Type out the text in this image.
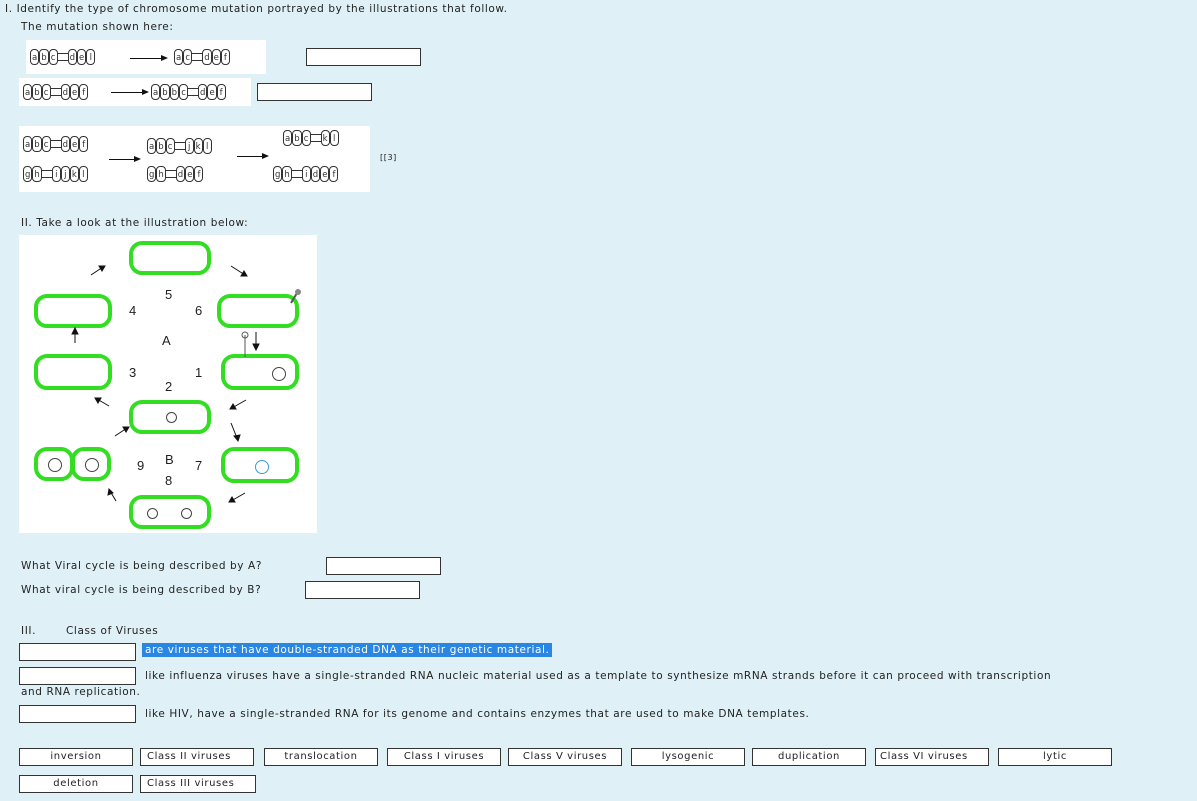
I. Identify the type of chromosome mutation portrayed by the illustrations that follow.
The mutation shown here:
a b c d e l	a c d e f
a b c d e f	a b b c d e f
a b c d e f
g h	i j k l
a b c	j k l
g h d e f
a b c k l
g h	i d e f
[[3]
II. Take a look at the illustration below:
5
4	6
A
3	1
2
B
9	7
8
What Viral cycle is being described by A?
What viral cycle is being described by B?
III.	Class of Viruses
are viruses that have double-stranded DNA as their genetic material.
like influenza viruses have a single-stranded RNA nucleic material used as a template to synthesize mRNA strands before it can proceed with transcription
and RNA replication.
like HIV, have a single-stranded RNA for its genome and contains enzymes that are used to make DNA templates.
inversion	Class II viruses	translocation	Class I viruses	Class V viruses	lysogenic	duplication	Class VI viruses	lytic
deletion	Class III viruses
